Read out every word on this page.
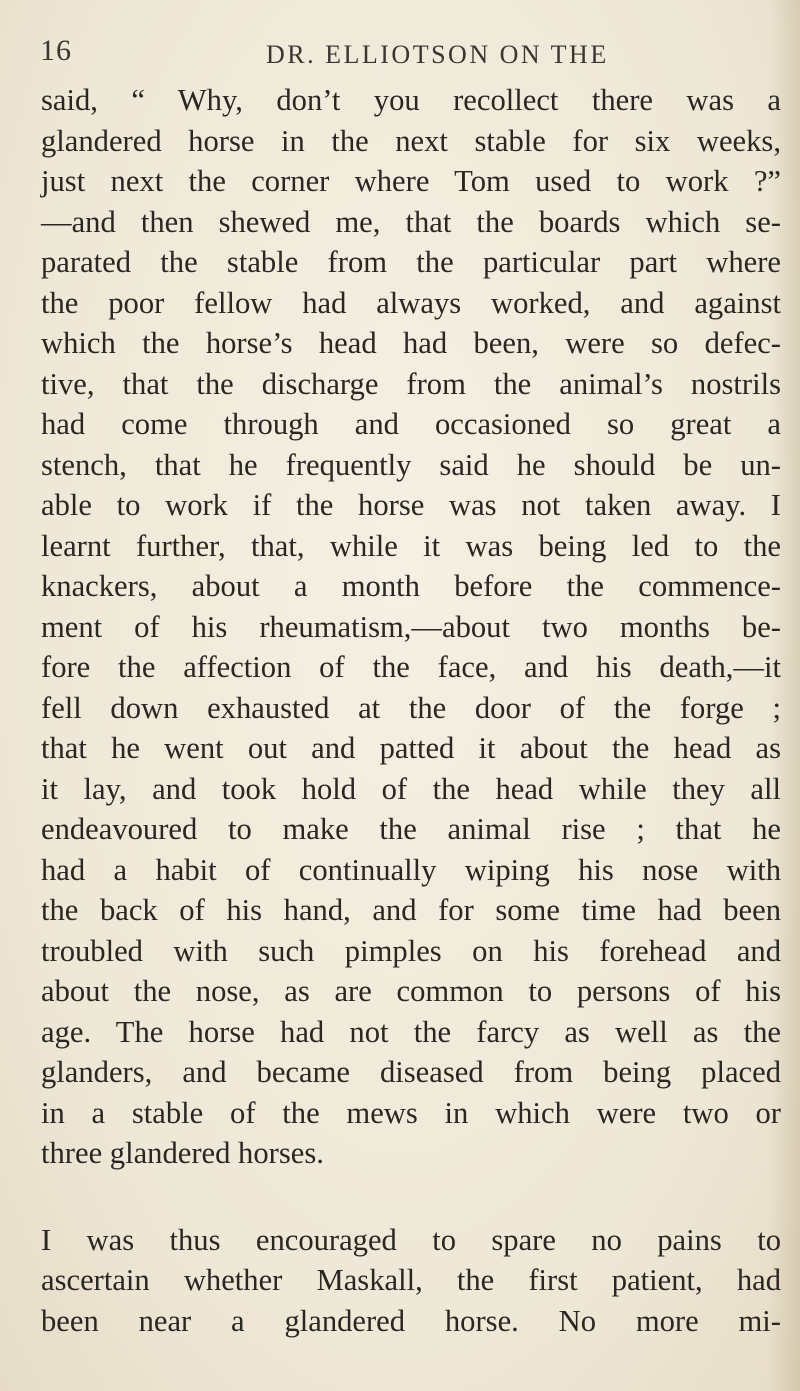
16	DR. ELLIOTSON ON THE
said, “ Why, don’t you recollect there was a
glandered horse in the next stable for six weeks,
just next the corner where Tom used to work ?”
—and then shewed me, that the boards which se-
parated the stable from the particular part where
the poor fellow had always worked, and against
which the horse’s head had been, were so defec-
tive, that the discharge from the animal’s nostrils
had come through and occasioned so great a
stench, that he frequently said he should be un-
able to work if the horse was not taken away. I
learnt further, that, while it was being led to the
knackers, about a month before the commence-
ment of his rheumatism,—about two months be-
fore the affection of the face, and his death,—it
fell down exhausted at the door of the forge ;
that he went out and patted it about the head as
it lay, and took hold of the head while they all
endeavoured to make the animal rise ; that he
had a habit of continually wiping his nose with
the back of his hand, and for some time had been
troubled with such pimples on his forehead and
about the nose, as are common to persons of his
age. The horse had not the farcy as well as the
glanders, and became diseased from being placed
in a stable of the mews in which were two or
three glandered horses.
I was thus encouraged to spare no pains to
ascertain whether Maskall, the first patient, had
been near a glandered horse. No more mi-
